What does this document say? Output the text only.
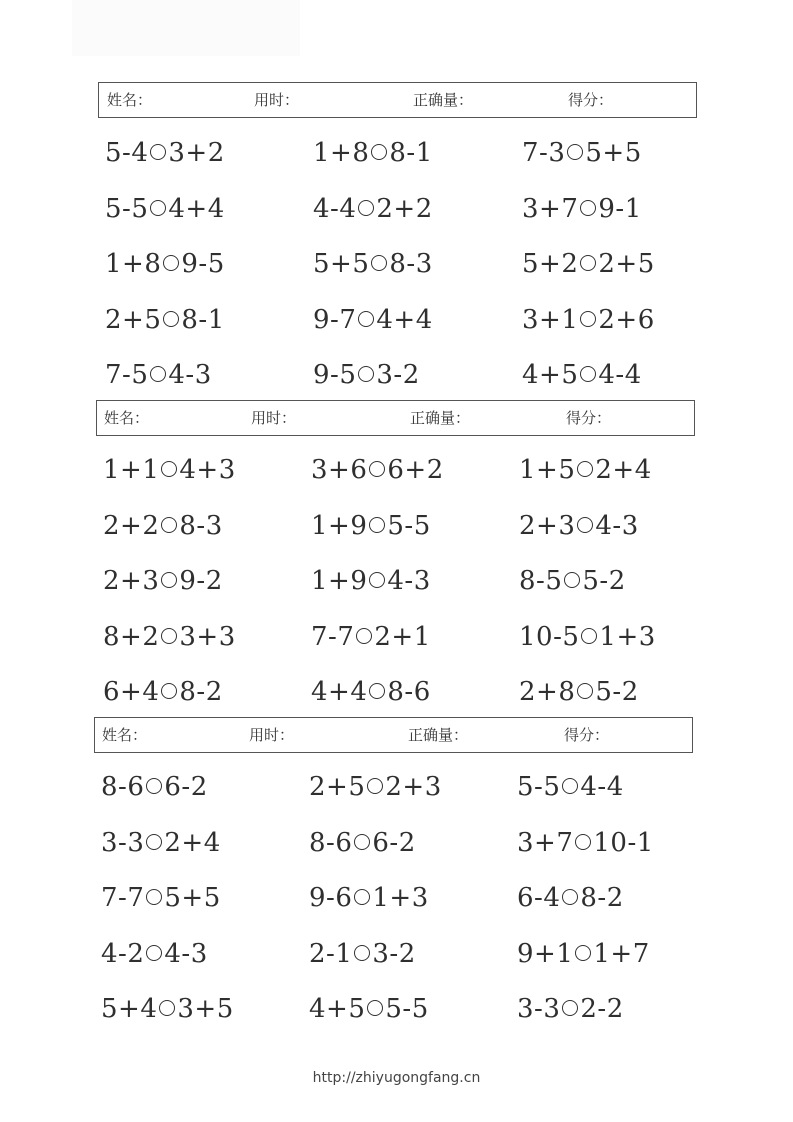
姓名：	用时：	正确量：	得分：
5-4 3+2	1+8 8-1	7-3 5+5
5-5 4+4	4-4 2+2	3+7 9-1
1+8 9-5	5+5 8-3	5+2 2+5
2+5 8-1	9-7 4+4	3+1 2+6
7-5 4-3	9-5 3-2	4+5 4-4
姓名：	用时：	正确量：	得分：
1+1 4+3	3+6 6+2	1+5 2+4
2+2 8-3	1+9 5-5	2+3 4-3
2+3 9-2	1+9 4-3	8-5 5-2
8+2 3+3	7-7 2+1	10-5 1+3
6+4 8-2	4+4 8-6	2+8 5-2
姓名：	用时：	正确量：	得分：
8-6 6-2	2+5 2+3	5-5 4-4
3-3 2+4	8-6 6-2	3+7 10-1
7-7 5+5	9-6 1+3	6-4 8-2
4-2 4-3	2-1 3-2	9+1 1+7
5+4 3+5	4+5 5-5	3-3 2-2
http://zhiyugongfang.cn
